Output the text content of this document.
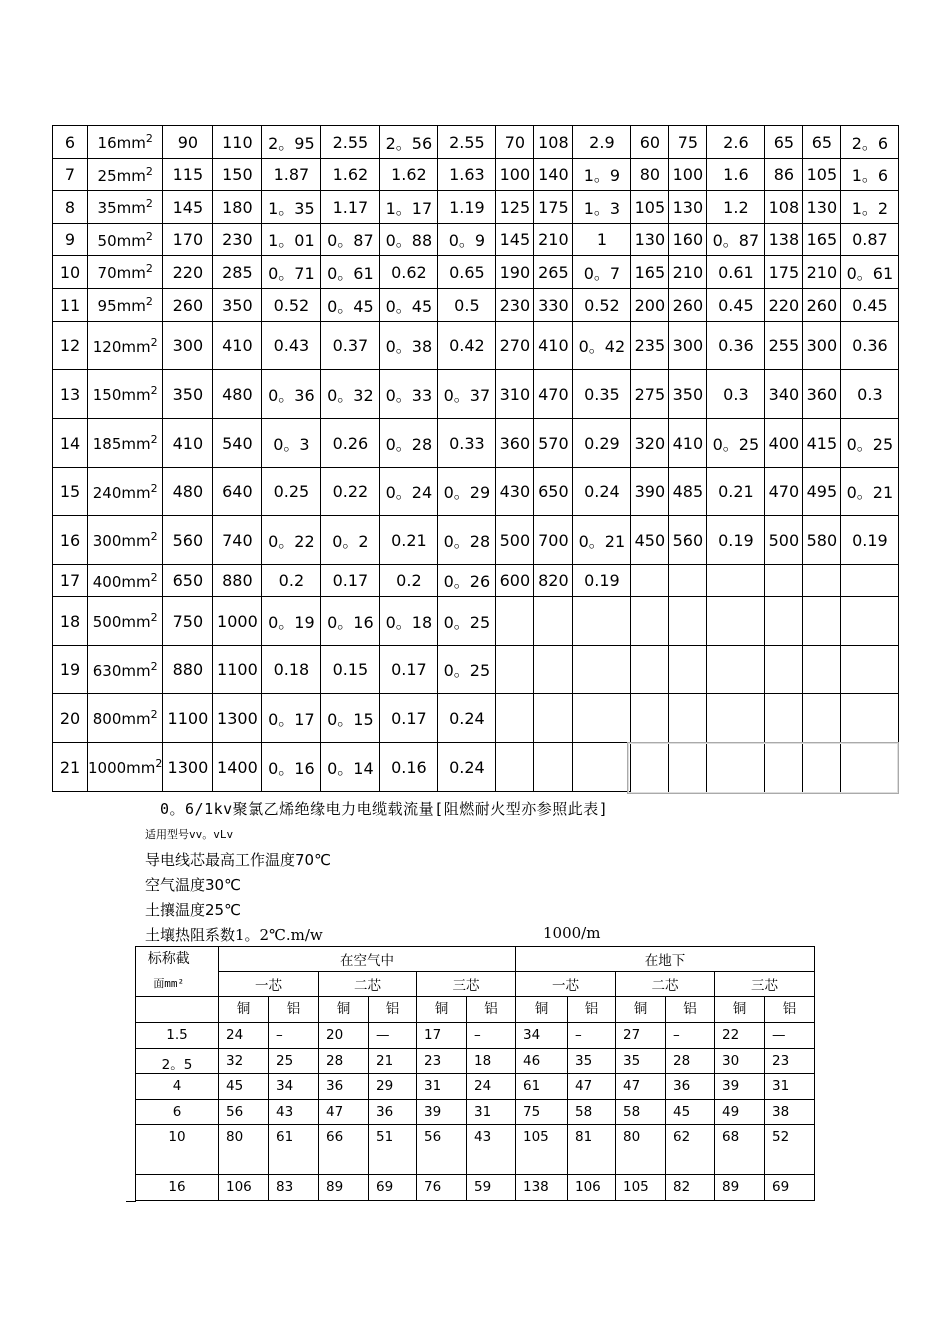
6	$16mm^2$	90	110	2。95	2.55	2。56	2.55	70	108	2.9	60	75	2.6	65	65	2。6
7	$25mm^2$	115	150	1.87	1.62	1.62	1.63	100	140	1。9	80	100	1.6	86	105	1。6
8	$35mm^2$	145	180	1。35	1.17	1。17	1.19	125	175	1。3	105	130	1.2	108	130	1。2
9	$50mm^2$	170	230	1。01	0。87	0。88	0。9	145	210	1	130	160	0。87	138	165	0.87
10	$70mm^2$	220	285	0。71	0。61	0.62	0.65	190	265	0。7	165	210	0.61	175	210	0。61
11	$95mm^2$	260	350	0.52	0。45	0。45	0.5	230	330	0.52	200	260	0.45	220	260	0.45
12	$120mm^2$	300	410	0.43	0.37	0。38	0.42	270	410	0。42	235	300	0.36	255	300	0.36
13	$150mm^2$	350	480	0。36	0。32	0。33	0。37	310	470	0.35	275	350	0.3	340	360	0.3
14	$185mm^2$	410	540	0。3	0.26	0。28	0.33	360	570	0.29	320	410	0。25	400	415	0。25
15	$240mm^2$	480	640	0.25	0.22	0。24	0。29	430	650	0.24	390	485	0.21	470	495	0。21
16	$300mm^2$	560	740	0。22	0。2	0.21	0。28	500	700	0。21	450	560	0.19	500	580	0.19
17	$400mm^2$	650	880	0.2	0.17	0.2	0。26	600	820	0.19						
18	$500mm^2$	750	1000	0。19	0。16	0。18	0。25									
19	$630mm^2$	880	1100	0.18	0.15	0.17	0。25									
20	$800mm^2$	1100	1300	0。17	0。15	0.17	0.24									
21	$1000mm^2$	1300	1400	0。16	0。14	0.16	0.24									
0。6/1kv聚氯乙烯绝缘电力电缆载流量[阻燃耐火型亦参照此表]
适用型号vv。vLv
导电线芯最高工作温度70℃
空气温度30℃
土攘温度25℃
土壤热阻系数1。2℃.m/w	1000/m
标称截
面mm²	在空气中						在地下					
	一芯		二芯		三芯		一芯		二芯		三芯	
	铜	铝	铜	铝	铜	铝	铜	铝	铜	铝	铜	铝
1.5	24	–	20	—	17	–	34	–	27	–	22	—
2。5	32	25	28	21	23	18	46	35	35	28	30	23
4	45	34	36	29	31	24	61	47	47	36	39	31
6	56	43	47	36	39	31	75	58	58	45	49	38
10	80	61	66	51	56	43	105	81	80	62	68	52
16	106	83	89	69	76	59	138	106	105	82	89	69
